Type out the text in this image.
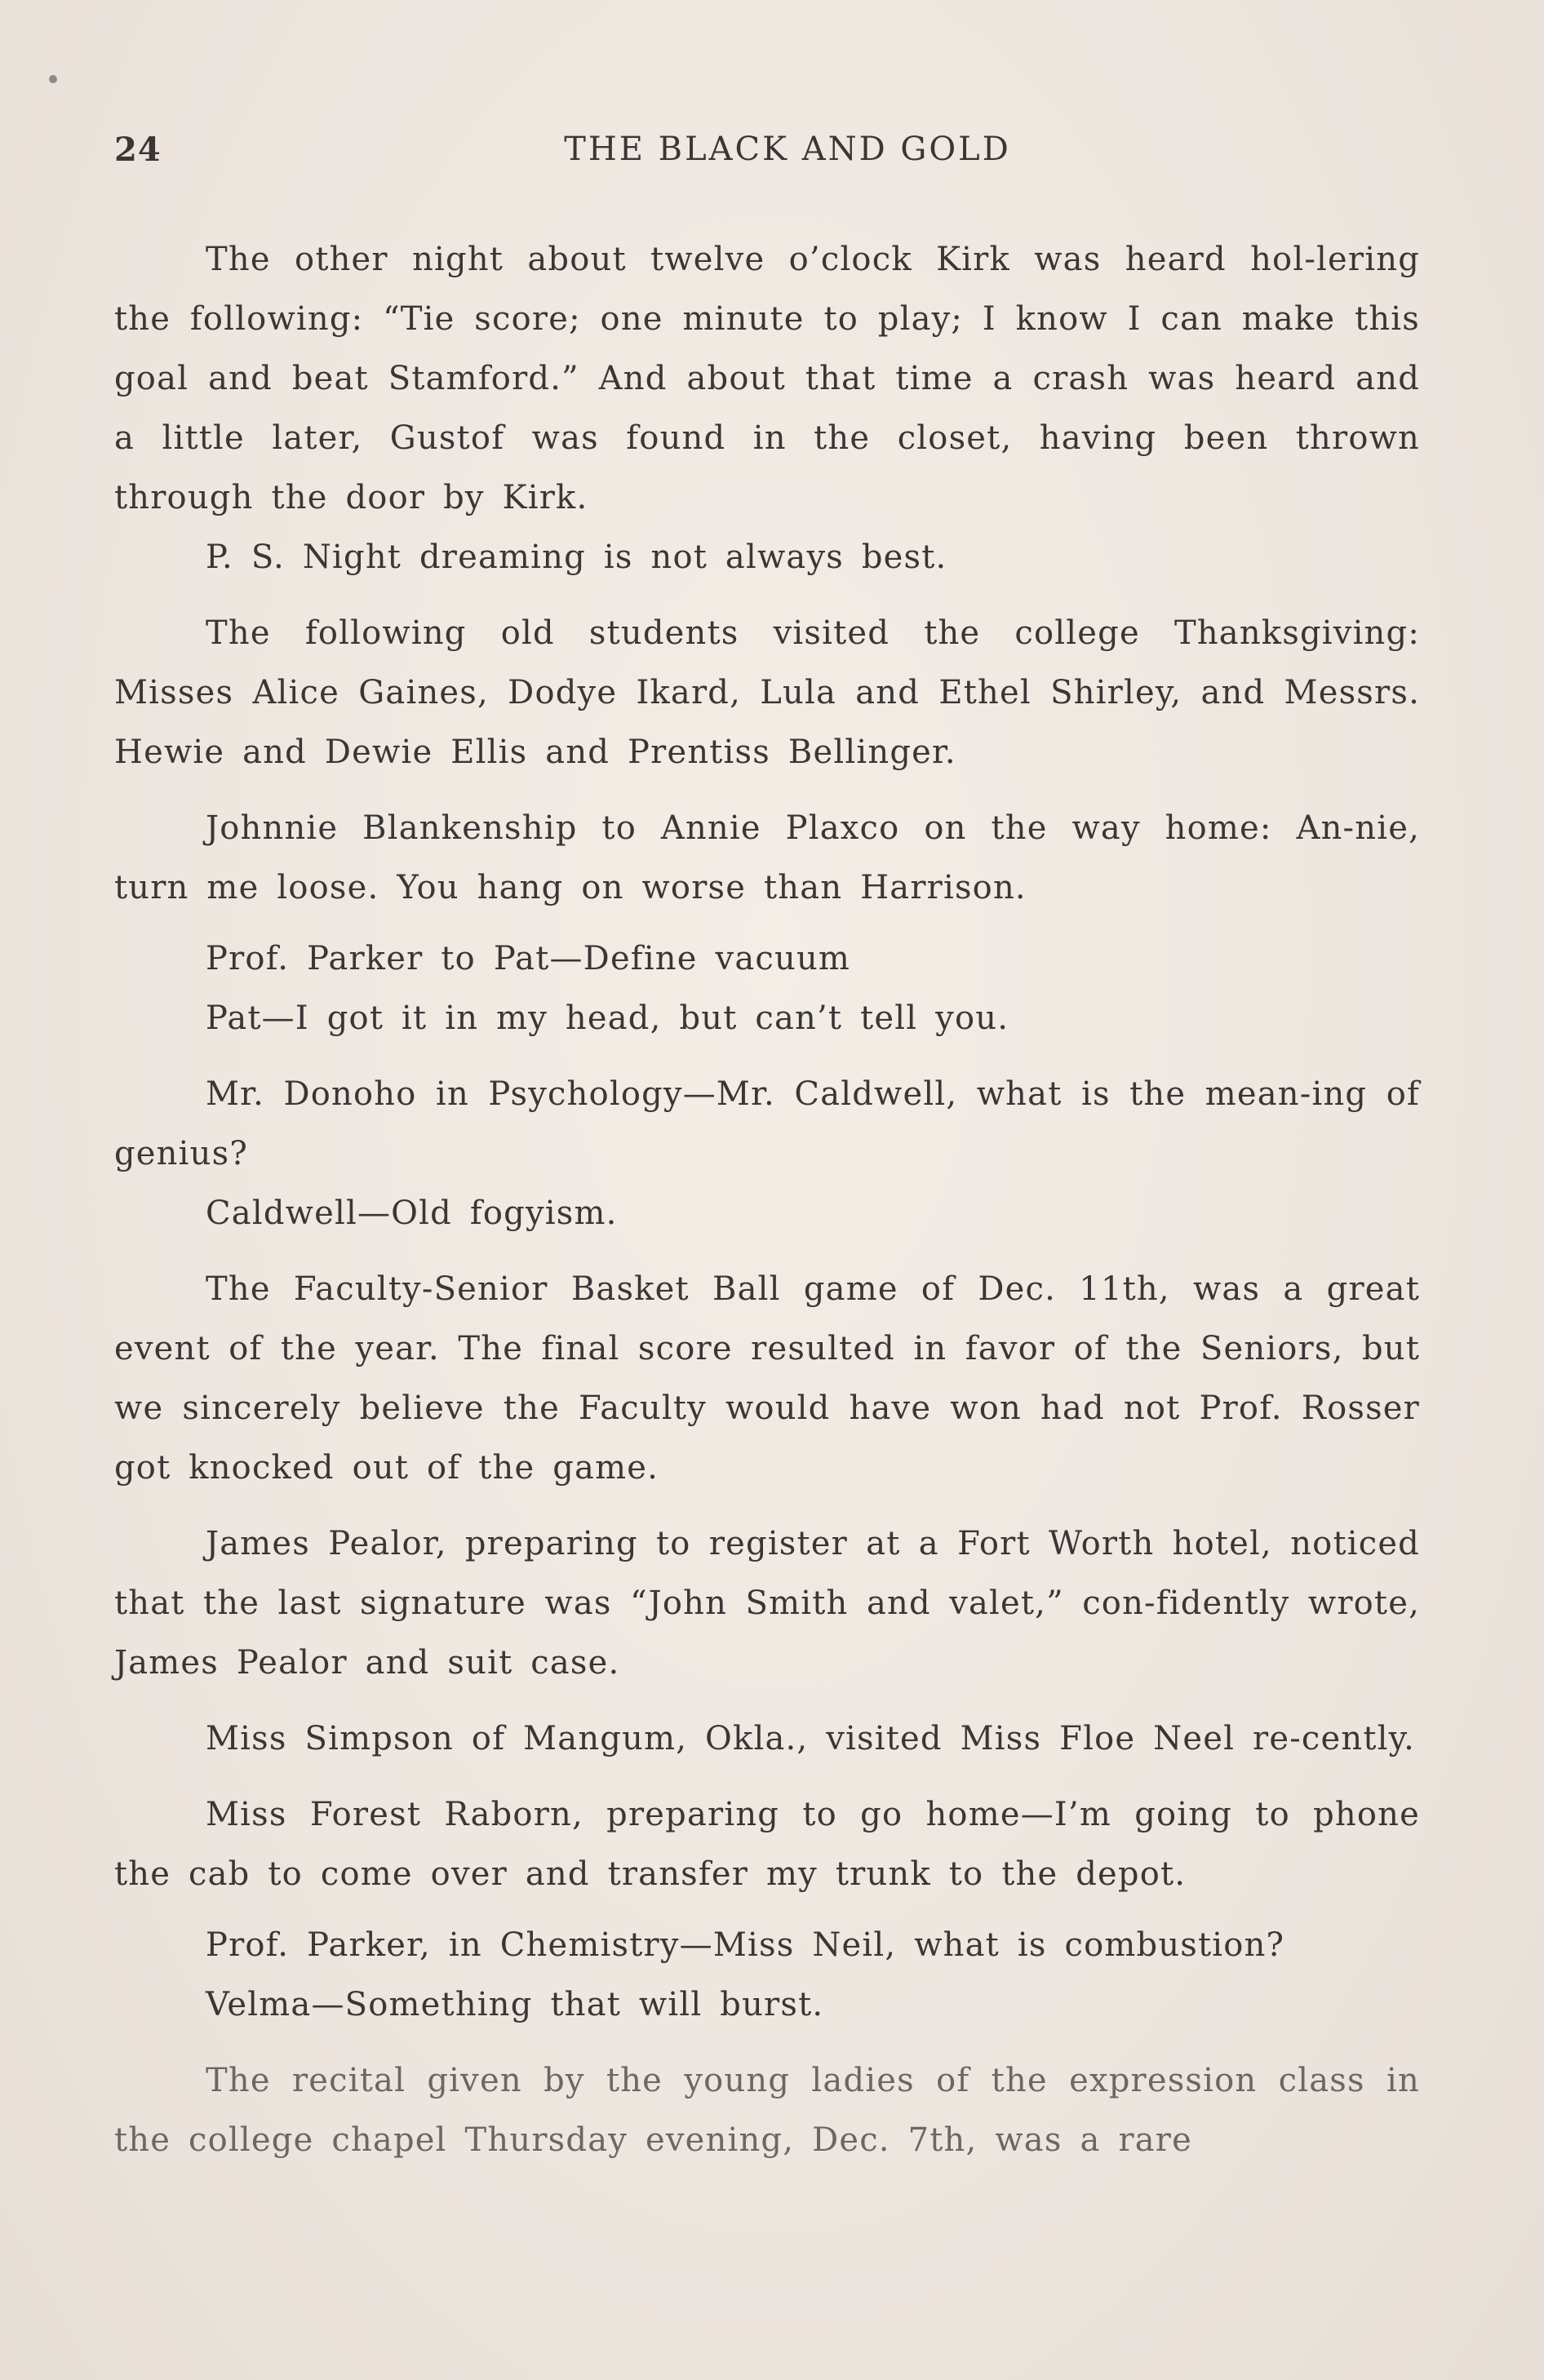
24	THE BLACK AND GOLD

The other night about twelve o’clock Kirk was heard hol-lering the following: “Tie score; one minute to play; I know I can make this goal and beat Stamford.” And about that time a crash was heard and a little later, Gustof was found in the closet, having been thrown through the door by Kirk.

P. S. Night dreaming is not always best.

The following old students visited the college Thanksgiving: Misses Alice Gaines, Dodye Ikard, Lula and Ethel Shirley, and Messrs. Hewie and Dewie Ellis and Prentiss Bellinger.

Johnnie Blankenship to Annie Plaxco on the way home: An-nie, turn me loose. You hang on worse than Harrison.

Prof. Parker to Pat—Define vacuum

Pat—I got it in my head, but can’t tell you.

Mr. Donoho in Psychology—Mr. Caldwell, what is the mean-ing of genius?

Caldwell—Old fogyism.

The Faculty-Senior Basket Ball game of Dec. 11th, was a great event of the year. The final score resulted in favor of the Seniors, but we sincerely believe the Faculty would have won had not Prof. Rosser got knocked out of the game.

James Pealor, preparing to register at a Fort Worth hotel, noticed that the last signature was “John Smith and valet,” con-fidently wrote, James Pealor and suit case.

Miss Simpson of Mangum, Okla., visited Miss Floe Neel re-cently.

Miss Forest Raborn, preparing to go home—I’m going to phone the cab to come over and transfer my trunk to the depot.

Prof. Parker, in Chemistry—Miss Neil, what is combustion?

Velma—Something that will burst.

The recital given by the young ladies of the expression class in the college chapel Thursday evening, Dec. 7th, was a rare
